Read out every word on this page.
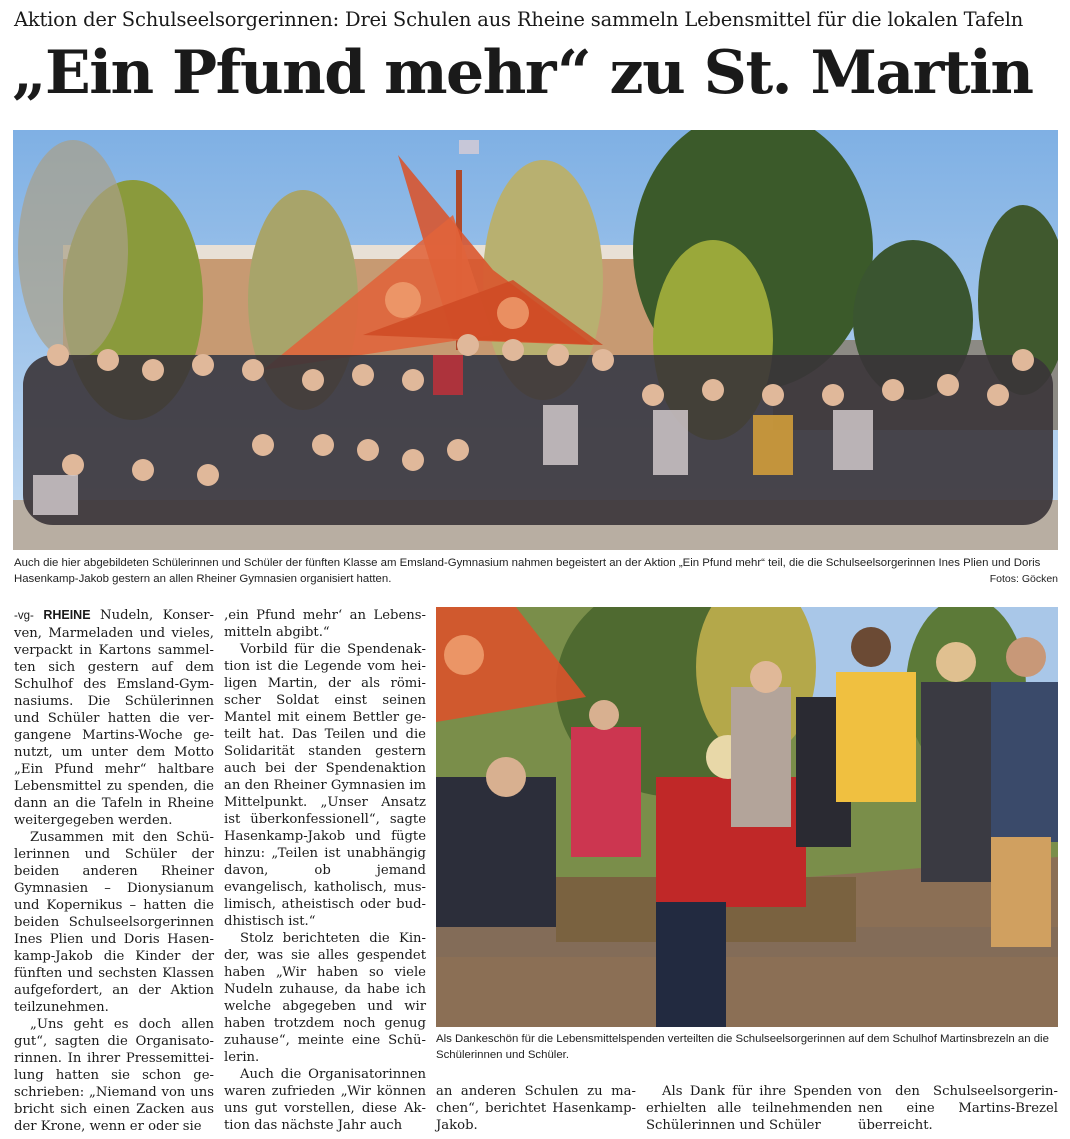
Aktion der Schulseelsorgerinnen: Drei Schulen aus Rheine sammeln Lebensmittel für die lokalen Tafeln
„Ein Pfund mehr“ zu St. Martin
Auch die hier abgebildeten Schülerinnen und Schüler der fünften Klasse am Emsland-Gymnasium nahmen begeistert an der Aktion „Ein Pfund mehr“ teil, die die Schulseelsorgerinnen Ines Plien und Doris Hasenkamp-Jakob gestern an allen Rheiner Gymnasien organisiert hatten.	Fotos: Göcken
Als Dankeschön für die Lebensmittelspenden verteilten die Schulseelsorgerinnen auf dem Schulhof Martinsbrezeln an die Schülerinnen und Schüler.

-vg- RHEINE Nudeln, Konserven, Marmeladen und vieles, verpackt in Kartons sammelten sich gestern auf dem Schulhof des Emsland-Gymnasiums. Die Schülerinnen und Schüler hatten die vergangene Martins-Woche genutzt, um unter dem Motto „Ein Pfund mehr“ haltbare Lebensmittel zu spenden, die dann an die Tafeln in Rheine weitergegeben werden.

Zusammen mit den Schülerinnen und Schüler der beiden anderen Rheiner Gymnasien – Dionysianum und Kopernikus – hatten die beiden Schulseelsorgerinnen Ines Plien und Doris Hasenkamp-Jakob die Kinder der fünften und sechsten Klassen aufgefordert, an der Aktion teilzunehmen.

„Uns geht es doch allen gut“, sagten die Organisatorinnen. In ihrer Pressemitteilung hatten sie schon geschrieben: „Niemand von uns bricht sich einen Zacken aus der Krone, wenn er oder sie

‚ein Pfund mehr‘ an Lebensmitteln abgibt.“

Vorbild für die Spendenaktion ist die Legende vom heiligen Martin, der als römischer Soldat einst seinen Mantel mit einem Bettler geteilt hat. Das Teilen und die Solidarität standen gestern auch bei der Spendenaktion an den Rheiner Gymnasien im Mittelpunkt. „Unser Ansatz ist überkonfessionell“, sagte Hasenkamp-Jakob und fügte hinzu: „Teilen ist unabhängig davon, ob jemand evangelisch, katholisch, muslimisch, atheistisch oder buddhistisch ist.“

Stolz berichteten die Kinder, was sie alles gespendet haben „Wir haben so viele Nudeln zuhause, da habe ich welche abgegeben und wir haben trotzdem noch genug zuhause“, meinte eine Schülerin.

Auch die Organisatorinnen waren zufrieden „Wir können uns gut vorstellen, diese Aktion das nächste Jahr auch

an anderen Schulen zu machen“, berichtet Hasenkamp-Jakob.

Als Dank für ihre Spenden erhielten alle teilnehmenden Schülerinnen und Schüler

von den Schulseelsorgerinnen eine Martins-Brezel überreicht.
